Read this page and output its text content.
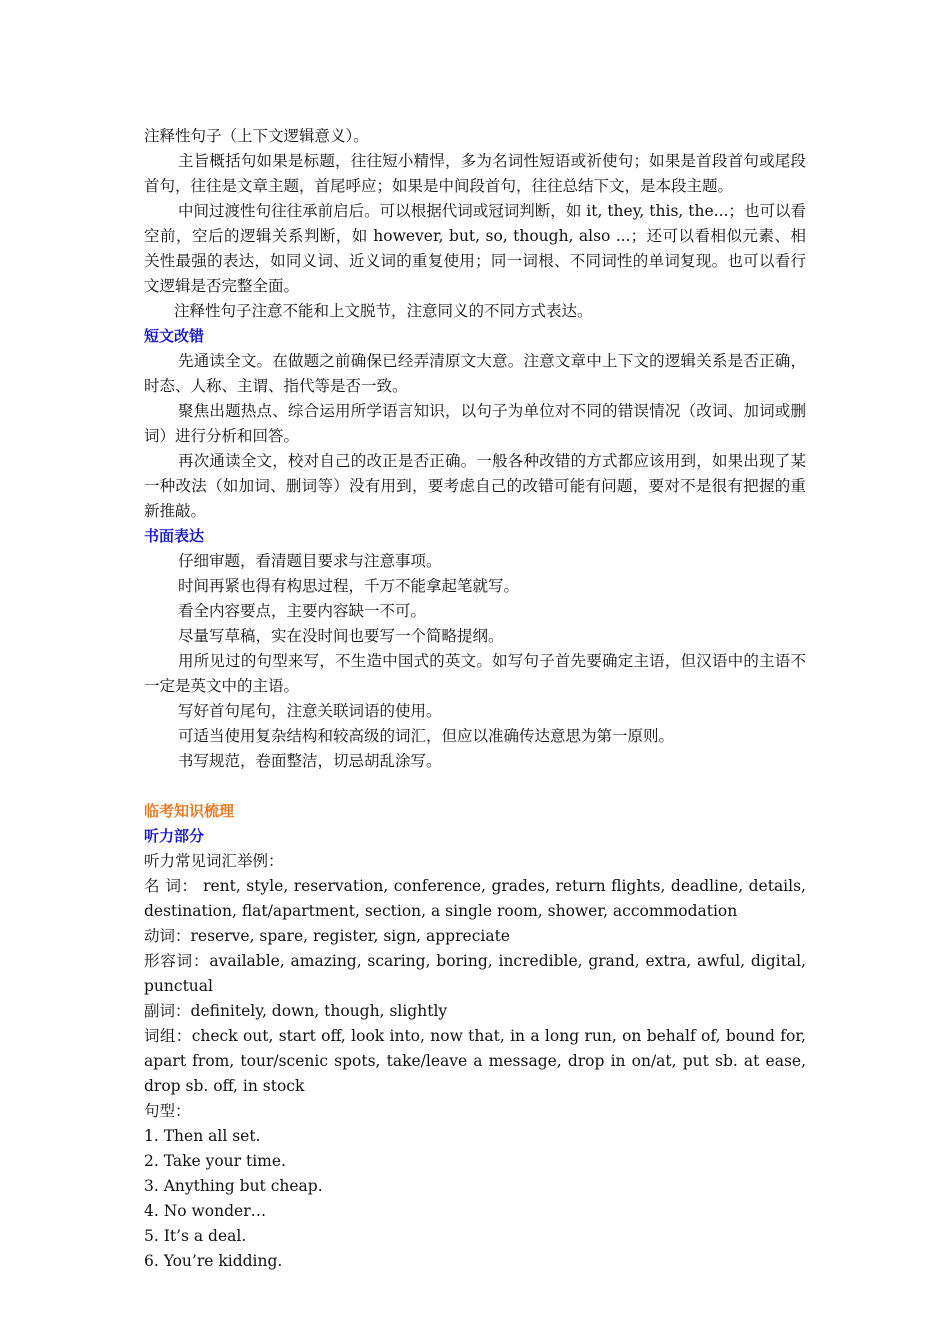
注释性句子（上下文逻辑意义）。

主旨概括句如果是标题，往往短小精悍，多为名词性短语或祈使句；如果是首段首句或尾段首句，往往是文章主题，首尾呼应；如果是中间段首句，往往总结下文，是本段主题。

中间过渡性句往往承前启后。可以根据代词或冠词判断，如 it, they, this, the...；也可以看空前，空后的逻辑关系判断，如 however, but, so, though, also ...；还可以看相似元素、相关性最强的表达，如同义词、近义词的重复使用；同一词根、不同词性的单词复现。也可以看行文逻辑是否完整全面。

注释性句子注意不能和上文脱节，注意同义的不同方式表达。

短文改错

先通读全文。在做题之前确保已经弄清原文大意。注意文章中上下文的逻辑关系是否正确，时态、人称、主谓、指代等是否一致。

聚焦出题热点、综合运用所学语言知识，以句子为单位对不同的错误情况（改词、加词或删词）进行分析和回答。

再次通读全文，校对自己的改正是否正确。一般各种改错的方式都应该用到，如果出现了某一种改法（如加词、删词等）没有用到，要考虑自己的改错可能有问题，要对不是很有把握的重新推敲。

书面表达

仔细审题，看清题目要求与注意事项。

时间再紧也得有构思过程，千万不能拿起笔就写。

看全内容要点，主要内容缺一不可。

尽量写草稿，实在没时间也要写一个简略提纲。

用所见过的句型来写，不生造中国式的英文。如写句子首先要确定主语，但汉语中的主语不一定是英文中的主语。

写好首句尾句，注意关联词语的使用。

可适当使用复杂结构和较高级的词汇，但应以准确传达意思为第一原则。

书写规范，卷面整洁，切忌胡乱涂写。

临考知识梳理
听力部分

听力常见词汇举例：

名 词： rent, style, reservation, conference, grades, return flights, deadline, details, destination, flat/apartment, section, a single room, shower, accommodation

动词：reserve, spare, register, sign, appreciate

形容词：available, amazing, scaring, boring, incredible, grand, extra, awful, digital, punctual

副词：definitely, down, though, slightly

词组：check out, start off, look into, now that, in a long run, on behalf of, bound for, apart from, tour/scenic spots, take/leave a message, drop in on/at, put sb. at ease, drop sb. off, in stock

句型：

1. Then all set.
2. Take your time.
3. Anything but cheap.
4. No wonder…
5. It’s a deal.
6. You’re kidding.
